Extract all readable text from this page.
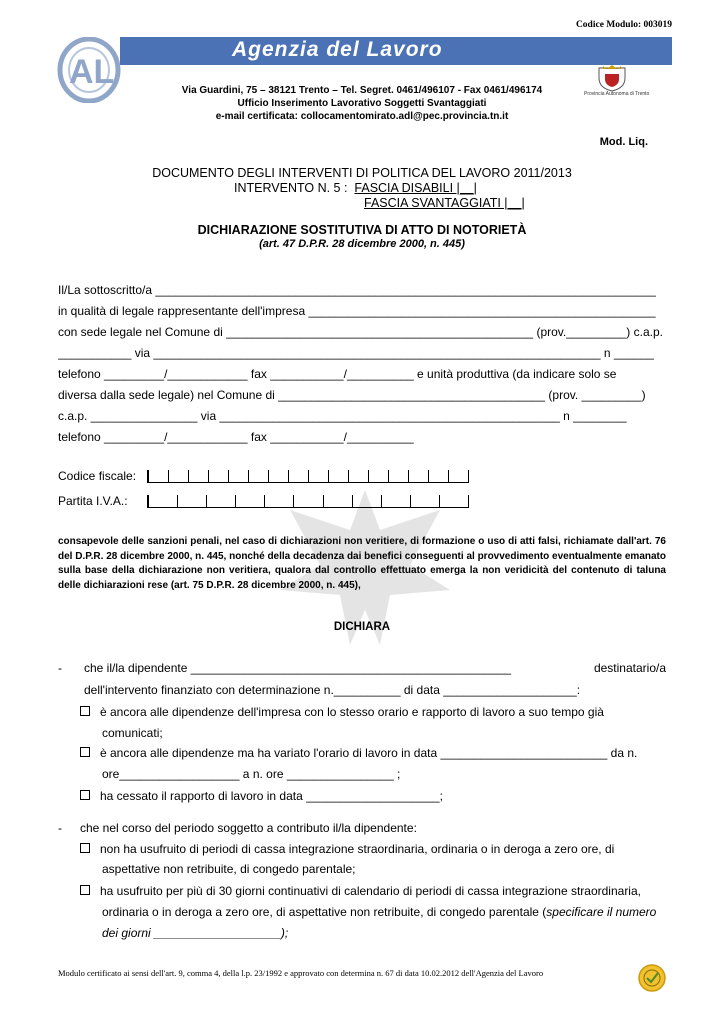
Codice Modulo: 003019
Agenzia del Lavoro
AL	Via Guardini, 75 – 38121 Trento – Tel. Segret. 0461/496107 - Fax 0461/496174
Ufficio Inserimento Lavorativo Soggetti Svantaggiati
e-mail certificata: collocamentomirato.adl@pec.provincia.tn.it
Provincia Autonoma di Trento
Mod. Liq.
DOCUMENTO DEGLI INTERVENTI DI POLITICA DEL LAVORO 2011/2013
INTERVENTO N. 5 :  FASCIA DISABILI |__|
FASCIA SVANTAGGIATI |__|
DICHIARAZIONE SOSTITUTIVA DI ATTO DI NOTORIETÀ
(art. 47 D.P.R. 28 dicembre 2000, n. 445)
Il/La sottoscritto/a ___________________________________________________________________________
in qualità di legale rappresentante dell'impresa ____________________________________________________
con sede legale nel Comune di ______________________________________________ (prov._________) c.a.p.
___________ via ___________________________________________________________________ n ______
telefono _________/____________ fax ___________/__________ e unità produttiva (da indicare solo se
diversa dalla sede legale) nel Comune di ________________________________________ (prov. _________)
c.a.p. ________________ via ___________________________________________________ n ________
telefono _________/____________ fax ___________/__________
Codice fiscale:
Partita I.V.A.:
consapevole delle sanzioni penali, nel caso di dichiarazioni non veritiere, di formazione o uso di atti falsi, richiamate dall'art. 76 del D.P.R. 28 dicembre 2000, n. 445, nonché della decadenza dai benefici conseguenti al provvedimento eventualmente emanato sulla base della dichiarazione non veritiera, qualora dal controllo effettuato emerga la non veridicità del contenuto di taluna delle dichiarazioni rese (art. 75 D.P.R. 28 dicembre 2000, n. 445),
DICHIARA
- che il/la dipendente ________________________________________________	destinatario/a
dell'intervento finanziato con determinazione n.__________ di data ____________________:
è ancora alle dipendenze dell'impresa con lo stesso orario e rapporto di lavoro a suo tempo già
comunicati;
è ancora alle dipendenze ma ha variato l'orario di lavoro in data _________________________ da n.
ore__________________ a n. ore ________________ ;
ha cessato il rapporto di lavoro in data ____________________;
- che nel corso del periodo soggetto a contributo il/la dipendente:
non ha usufruito di periodi di cassa integrazione straordinaria, ordinaria o in deroga a zero ore, di
aspettative non retribuite, di congedo parentale;
ha usufruito per più di 30 giorni continuativi di calendario di periodi di cassa integrazione straordinaria,
ordinaria o in deroga a zero ore, di aspettative non retribuite, di congedo parentale (specificare il numero
dei giorni ___________________);
Modulo certificato ai sensi dell'art. 9, comma 4, della l.p. 23/1992 e approvato con determina n. 67 di data 10.02.2012 dell'Agenzia del Lavoro
